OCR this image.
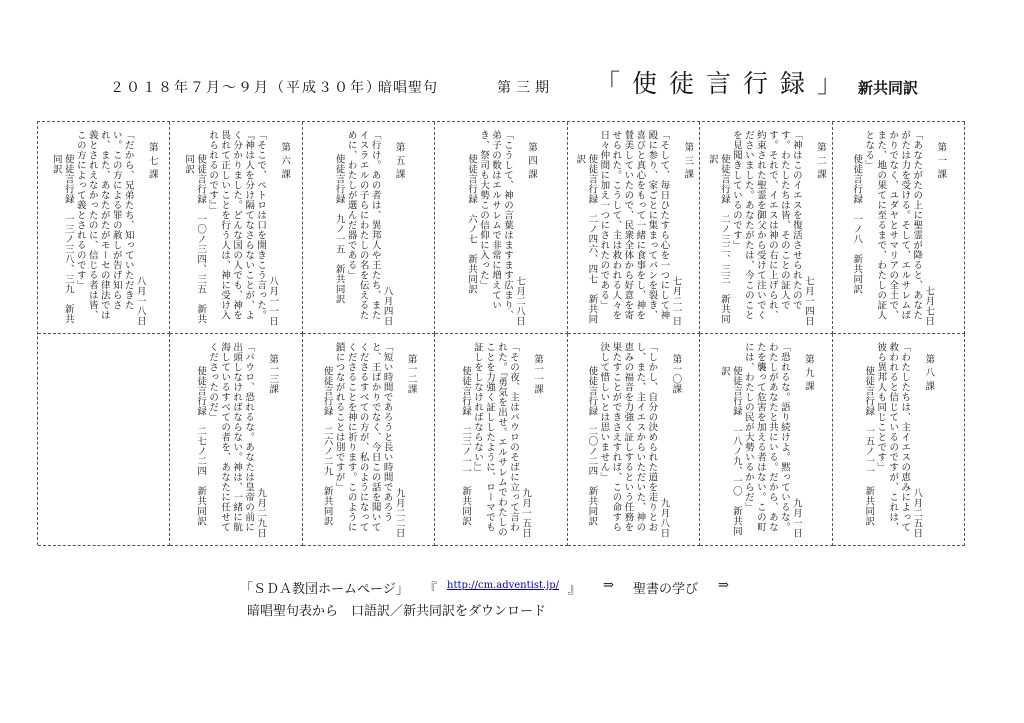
２０１８年７月～９月（平成３０年）
暗唱聖句	第三期 「使徒言行録」 新共同訳

第 一 課

七月七日

「あなたがたの上に聖霊が降ると、あなたがたは力を受ける。そして、エルサレムばかりでなく、ユダヤとサマリアの全土で、また、地の果てに至るまで、わたしの証人となる」

使徒言行録　一ノ八　新共同訳

第 二 課

七月一四日

「神はこのイエスを復活させられたのです。わたしたちは皆、そのことの証人です。それで、イエスは神の右に上げられ、約束された聖霊を御父から受けて注いでくださいました。あなたがたは、今このことを見聞きしているのです」

使徒言行録　二ノ三二、三三　新共同訳

第 三 課

七月二一日

「そして、毎日ひたすら心を一つにして神殿に参り、家ごとに集まってパンを裂き、喜びと真心をもって一緒に食事をし、神を賛美していたので、民衆全体から好意を寄せられた。こうして、主は救われる人々を日々仲間に加え一つにされたのである」

使徒言行録　二ノ四六、四七　新共同訳

第 四 課

七月二八日

「こうして、神の言葉はますます広まり、弟子の数はエルサレムで非常に増えていき、祭司も大勢この信仰に入った」

使徒言行録　六ノ七　新共同訳

第 五 課

八月四日

「行け。あの者は、異邦人や王たち、またイスラエルの子らにわたしの名を伝えるために、わたしが選んだ器である」

使徒言行録　九ノ一五　新共同訳

第 六 課

八月一一日

「そこで、ペトロは口を開きこう言った。『神は人を分け隔てなさらないことが、よく分かりました。どんな国の人でも、神を畏れて正しいことを行う人は、神に受け入れられるのです』」

使徒言行録　一〇ノ三四、三五　新共同訳

第 七 課

八月一八日

「だから、兄弟たち、知っていただきたい。この方による罪の赦しが告げ知らされ、また、あなたがたがモーセの律法では義とされえなかったのに、信じる者は皆、この方によって義とされるのです」

使徒言行録　一三ノ三八、三九　新共同訳

第 八 課

八月二五日

「わたしたちは、主イエスの恵みによって救われると信じているのですが、これは、彼ら異邦人も同じことです」

使徒言行録　一五ノ一一　新共同訳

第 九 課

九月一日

「恐れるな。語り続けよ。黙っているな。わたしがあなたと共にいる。だから、あなたを襲って危害を加える者はない。この町には、わたしの民が大勢いるからだ」

使徒言行録　一八ノ九、一〇　新共同訳

第一〇課

九月八日

「しかし、自分の決められた道を走りとおし、また、主イエスからいただいた、神の恵みの福音を力強く証しするという任務を果たすことができさえすれば、この命すら決して惜しいとは思いません」

使徒言行録　二〇ノ二四　新共同訳

第一一課

九月一五日

「その夜、主はパウロのそばに立って言われた。『勇気を出せ。エルサレムでわたしのことを力強く証ししたように、ローマでも証しをしなければならない』」

使徒言行録　二三ノ一一　新共同訳

第一二課

九月二二日

「短い時間であろうと長い時間であろうと、王ばかりでなく、今日この話を聞いてくださるすべての方が、私のようになってくださることを神に祈ります。このように鎖につながれることは別ですが」

使徒言行録　二六ノ二九　新共同訳

第一三課

九月二九日

「パウロ、恐れるな。あなたは皇帝の前に出頭しなければならない。神は、一緒に航海しているすべての者を、あなたに任せてくださったのだ」

使徒言行録　二七ノ二四　新共同訳

「ＳＤＡ教団ホームページ」 『 http://cm.adventist.jp/ 』 ⇒ 聖書の学び ⇒
暗唱聖句表から　口語訳／新共同訳をダウンロード
